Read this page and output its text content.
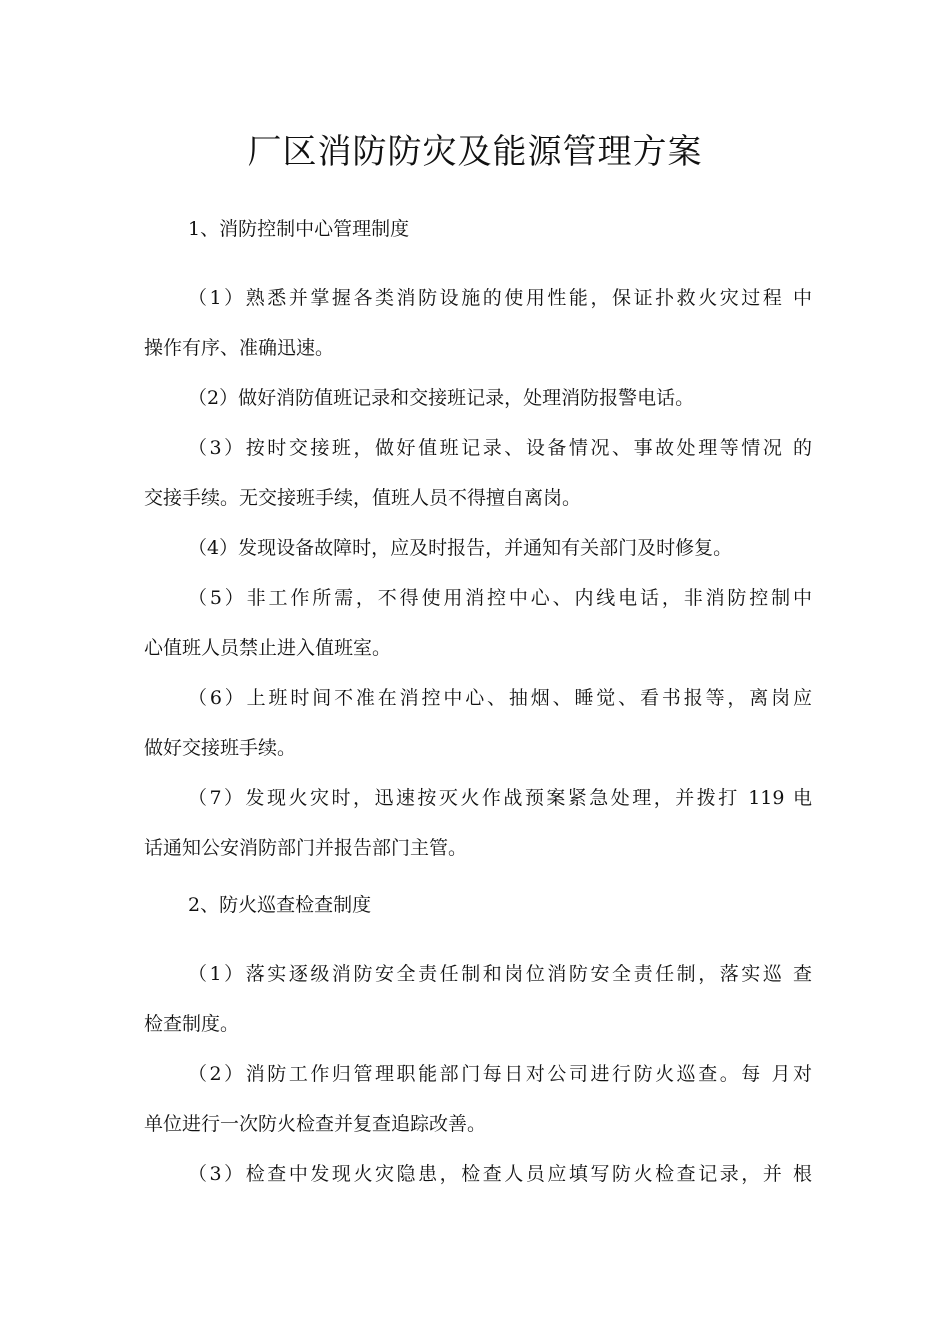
厂区消防防灾及能源管理方案

1、消防控制中心管理制度

（1）熟悉并掌握各类消防设施的使用性能，保证扑救火灾过程 中
操作有序、准确迅速。
（2）做好消防值班记录和交接班记录，处理消防报警电话。
（3）按时交接班，做好值班记录、设备情况、事故处理等情况 的
交接手续。无交接班手续，值班人员不得擅自离岗。
（4）发现设备故障时，应及时报告，并通知有关部门及时修复。
（5）非工作所需，不得使用消控中心、内线电话，非消防控制中
心值班人员禁止进入值班室。
（6）上班时间不准在消控中心、抽烟、睡觉、看书报等，离岗应
做好交接班手续。
（7）发现火灾时，迅速按灭火作战预案紧急处理，并拨打 119 电
话通知公安消防部门并报告部门主管。

2、防火巡查检查制度

（1）落实逐级消防安全责任制和岗位消防安全责任制，落实巡 查
检查制度。
（2）消防工作归管理职能部门每日对公司进行防火巡查。每 月对
单位进行一次防火检查并复查追踪改善。
（3）检查中发现火灾隐患，检查人员应填写防火检查记录，并 根
